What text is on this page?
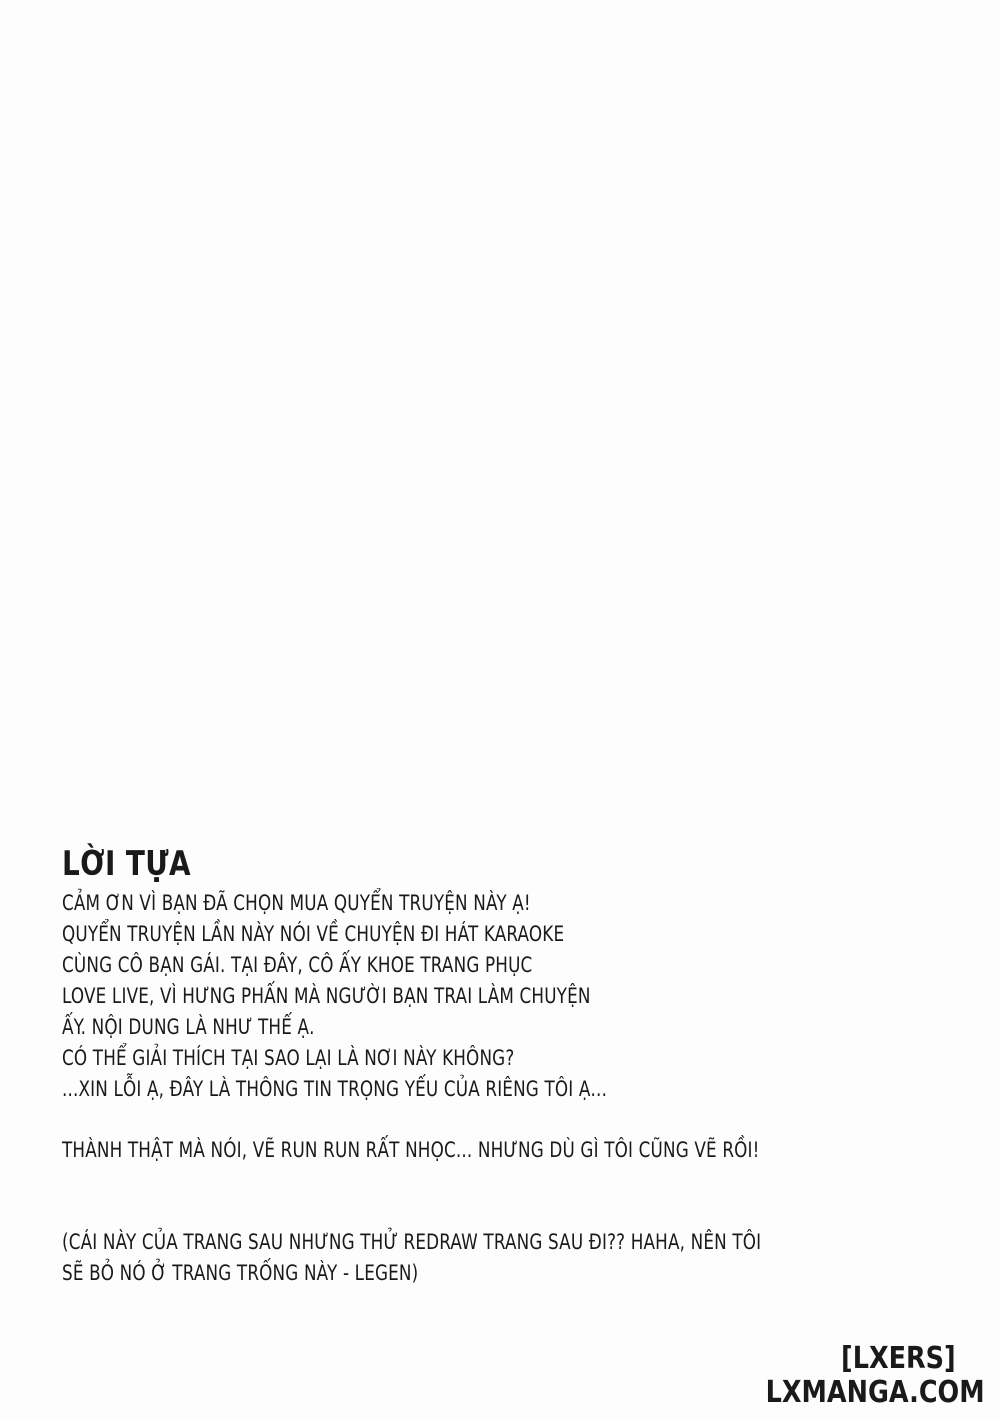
LỜI TỰA
CẢM ƠN VÌ BẠN ĐÃ CHỌN MUA QUYỂN TRUYỆN NÀY Ạ!
QUYỂN TRUYỆN LẦN NÀY NÓI VỀ CHUYỆN ĐI HÁT KARAOKE
CÙNG CÔ BẠN GÁI. TẠI ĐÂY, CÔ ẤY KHOE TRANG PHỤC
LOVE LIVE, VÌ HƯNG PHẤN MÀ NGƯỜI BẠN TRAI LÀM CHUYỆN
ẤY. NỘI DUNG LÀ NHƯ THẾ Ạ.
CÓ THỂ GIẢI THÍCH TẠI SAO LẠI LÀ NƠI NÀY KHÔNG?
...XIN LỖI Ạ, ĐÂY LÀ THÔNG TIN TRỌNG YẾU CỦA RIÊNG TÔI Ạ...
THÀNH THẬT MÀ NÓI, VẼ RUN RUN RẤT NHỌC... NHƯNG DÙ GÌ TÔI CŨNG VẼ RỒI!
(CÁI NÀY CỦA TRANG SAU NHƯNG THỬ REDRAW TRANG SAU ĐI?? HAHA, NÊN TÔI
SẼ BỎ NÓ Ở TRANG TRỐNG NÀY - LEGEN)
[LXERS]
LXMANGA.COM
